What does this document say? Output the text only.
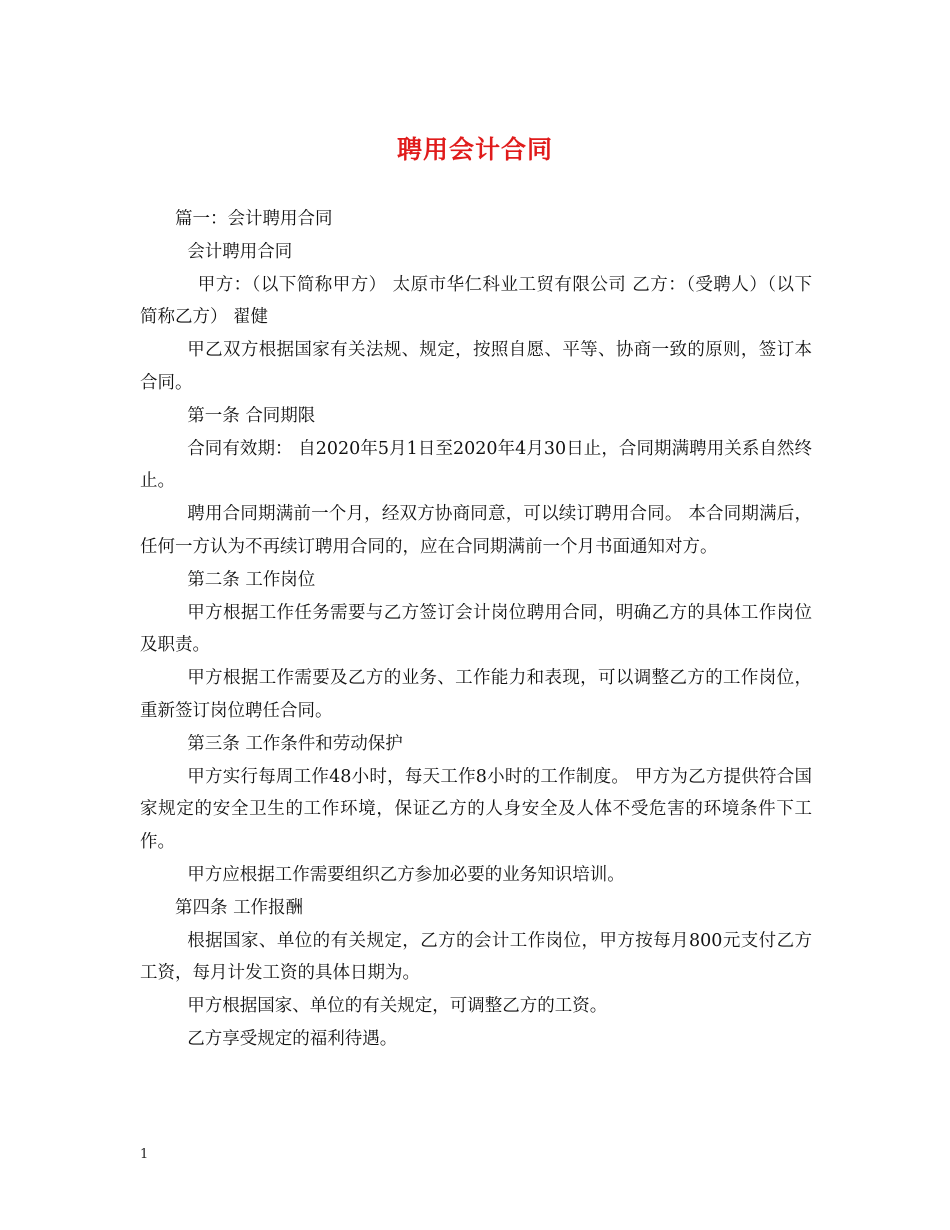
聘用会计合同

篇一：会计聘用合同

会计聘用合同

甲方：（以下简称甲方） 太原市华仁科业工贸有限公司 乙方：（受聘人）（以下简称乙方） 翟健

甲乙双方根据国家有关法规、规定，按照自愿、平等、协商一致的原则，签订本合同。

第一条 合同期限

合同有效期： 自2020年5月1日至2020年4月30日止，合同期满聘用关系自然终止。

聘用合同期满前一个月，经双方协商同意，可以续订聘用合同。 本合同期满后，任何一方认为不再续订聘用合同的，应在合同期满前一个月书面通知对方。

第二条 工作岗位

甲方根据工作任务需要与乙方签订会计岗位聘用合同，明确乙方的具体工作岗位及职责。

甲方根据工作需要及乙方的业务、工作能力和表现，可以调整乙方的工作岗位，重新签订岗位聘任合同。

第三条 工作条件和劳动保护

甲方实行每周工作48小时，每天工作8小时的工作制度。 甲方为乙方提供符合国家规定的安全卫生的工作环境，保证乙方的人身安全及人体不受危害的环境条件下工作。

甲方应根据工作需要组织乙方参加必要的业务知识培训。

第四条 工作报酬

根据国家、单位的有关规定，乙方的会计工作岗位，甲方按每月800元支付乙方工资，每月计发工资的具体日期为。

甲方根据国家、单位的有关规定，可调整乙方的工资。

乙方享受规定的福利待遇。

1
